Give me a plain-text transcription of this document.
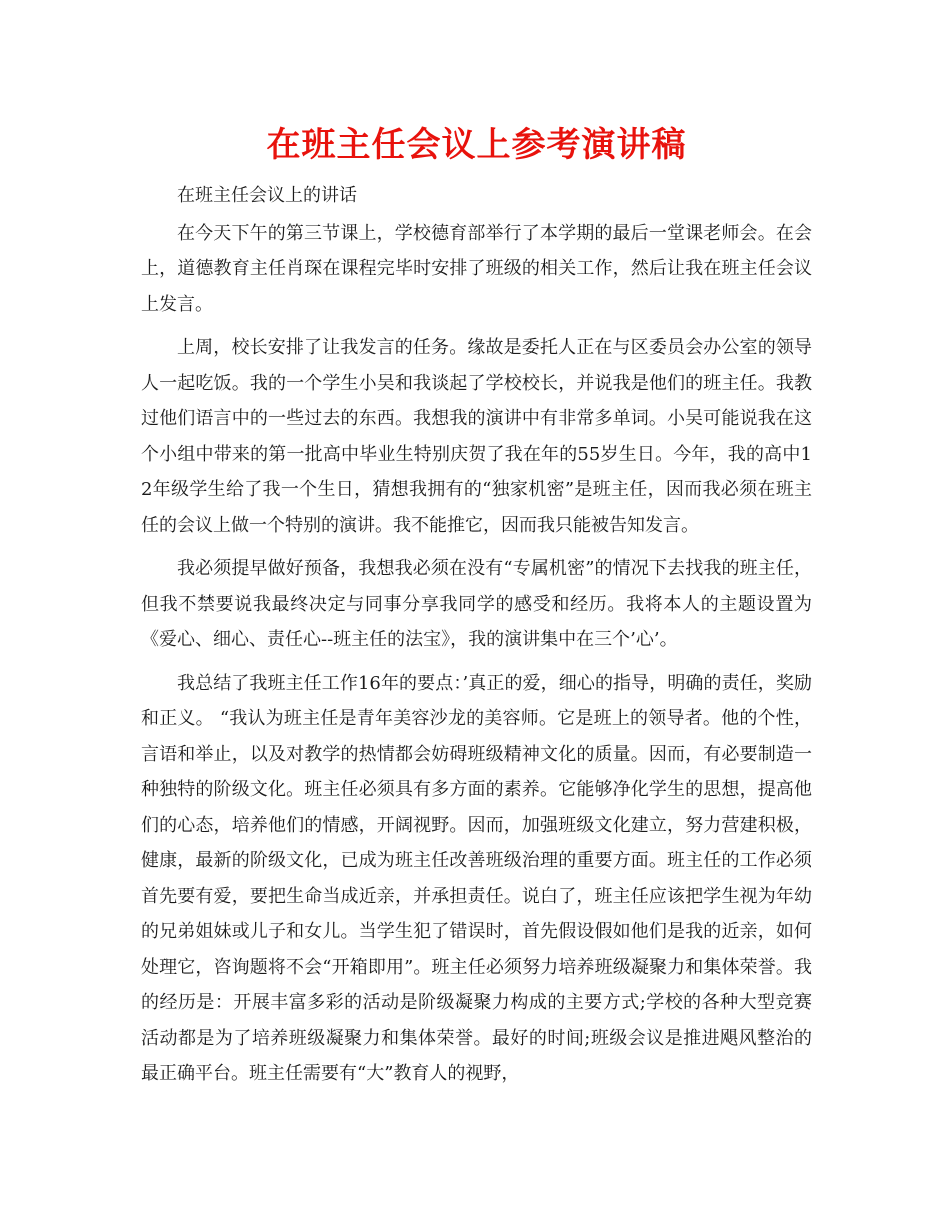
在班主任会议上参考演讲稿

在班主任会议上的讲话

在今天下午的第三节课上，学校德育部举行了本学期的最后一堂课老师会。在会上，道德教育主任肖琛在课程完毕时安排了班级的相关工作，然后让我在班主任会议上发言。

上周，校长安排了让我发言的任务。缘故是委托人正在与区委员会办公室的领导人一起吃饭。我的一个学生小吴和我谈起了学校校长，并说我是他们的班主任。我教过他们语言中的一些过去的东西。我想我的演讲中有非常多单词。小吴可能说我在这个小组中带来的第一批高中毕业生特别庆贺了我在年的55岁生日。今年，我的高中12年级学生给了我一个生日，猜想我拥有的“独家机密”是班主任，因而我必须在班主任的会议上做一个特别的演讲。我不能推它，因而我只能被告知发言。

我必须提早做好预备，我想我必须在没有“专属机密”的情况下去找我的班主任，但我不禁要说我最终决定与同事分享我同学的感受和经历。我将本人的主题设置为《爱心、细心、责任心--班主任的法宝》，我的演讲集中在三个’心’。

我总结了我班主任工作16年的要点：’真正的爱，细心的指导，明确的责任，奖励和正义。 “我认为班主任是青年美容沙龙的美容师。它是班上的领导者。他的个性，言语和举止，以及对教学的热情都会妨碍班级精神文化的质量。因而，有必要制造一种独特的阶级文化。班主任必须具有多方面的素养。它能够净化学生的思想，提高他们的心态，培养他们的情感，开阔视野。因而，加强班级文化建立，努力营建积极，健康，最新的阶级文化，已成为班主任改善班级治理的重要方面。班主任的工作必须首先要有爱，要把生命当成近亲，并承担责任。说白了，班主任应该把学生视为年幼的兄弟姐妹或儿子和女儿。当学生犯了错误时，首先假设假如他们是我的近亲，如何处理它，咨询题将不会“开箱即用”。班主任必须努力培养班级凝聚力和集体荣誉。我的经历是：开展丰富多彩的活动是阶级凝聚力构成的主要方式;学校的各种大型竞赛活动都是为了培养班级凝聚力和集体荣誉。最好的时间;班级会议是推进飓风整治的最正确平台。班主任需要有“大”教育人的视野，
